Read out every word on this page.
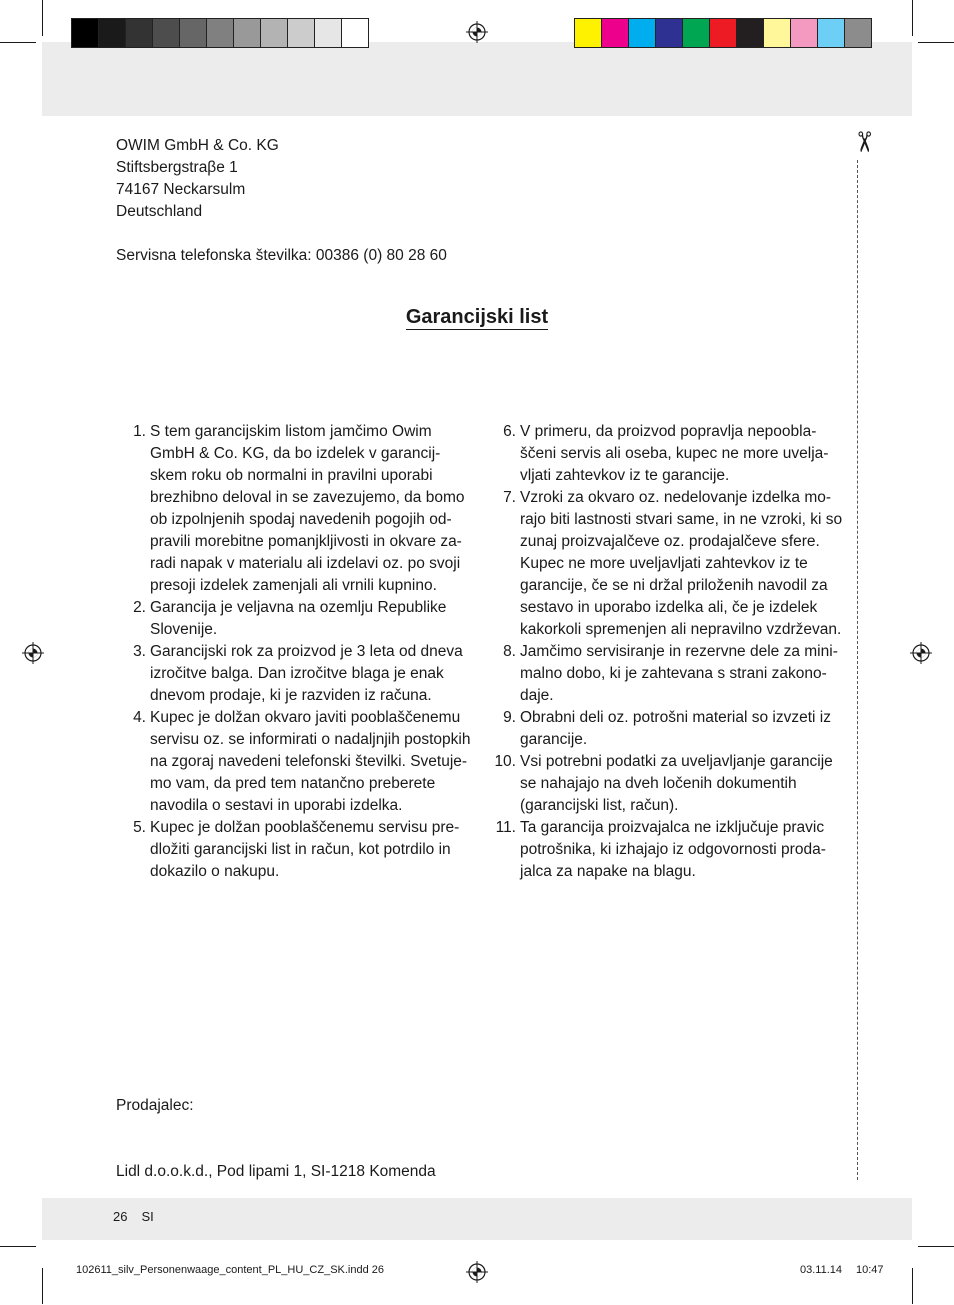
✂
OWIM GmbH & Co. KG
Stiftsbergstraβe 1
74167 Neckarsulm
Deutschland
Servisna telefonska številka: 00386 (0) 80 28 60
Garancijski list
1. S tem garancijskim listom jamčimo Owim
GmbH & Co. KG, da bo izdelek v garancij-
skem roku ob normalni in pravilni uporabi
brezhibno deloval in se zavezujemo, da bomo
ob izpolnjenih spodaj navedenih pogojih od-
pravili morebitne pomanjkljivosti in okvare za-
radi napak v materialu ali izdelavi oz. po svoji
presoji izdelek zamenjali ali vrnili kupnino.
2. Garancija je veljavna na ozemlju Republike
Slovenije.
3. Garancijski rok za proizvod je 3 leta od dneva
izročitve balga. Dan izročitve blaga je enak
dnevom prodaje, ki je razviden iz računa.
4. Kupec je dolžan okvaro javiti pooblaščenemu
servisu oz. se informirati o nadaljnjih postopkih
na zgoraj navedeni telefonski številki. Svetuje-
mo vam, da pred tem natančno preberete
navodila o sestavi in uporabi izdelka.
5. Kupec je dolžan pooblaščenemu servisu pre-
dložiti garancijski list in račun, kot potrdilo in
dokazilo o nakupu.
6. V primeru, da proizvod popravlja nepoobla-
ščeni servis ali oseba, kupec ne more uvelja-
vljati zahtevkov iz te garancije.
7. Vzroki za okvaro oz. nedelovanje izdelka mo-
rajo biti lastnosti stvari same, in ne vzroki, ki so
zunaj proizvajalčeve oz. prodajalčeve sfere.
Kupec ne more uveljavljati zahtevkov iz te
garancije, če se ni držal priloženih navodil za
sestavo in uporabo izdelka ali, če je izdelek
kakorkoli spremenjen ali nepravilno vzdrževan.
8. Jamčimo servisiranje in rezervne dele za mini-
malno dobo, ki je zahtevana s strani zakono-
daje.
9. Obrabni deli oz. potrošni material so izvzeti iz
garancije.
10. Vsi potrebni podatki za uveljavljanje garancije
se nahajajo na dveh ločenih dokumentih
(garancijski list, račun).
11. Ta garancija proizvajalca ne izključuje pravic
potrošnika, ki izhajajo iz odgovornosti proda-
jalca za napake na blagu.
Prodajalec:
Lidl d.o.o.k.d., Pod lipami 1, SI-1218 Komenda
26 SI
102611_silv_Personenwaage_content_PL_HU_CZ_SK.indd 26	03.11.14 10:47
